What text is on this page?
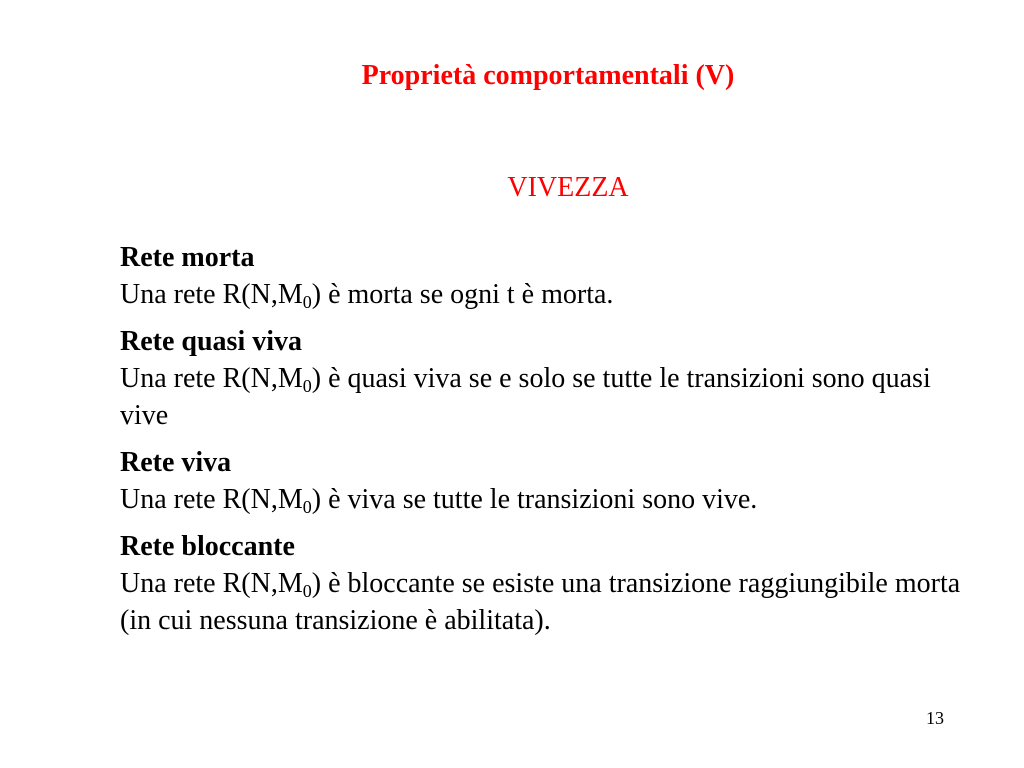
Proprietà comportamentali (V)
VIVEZZA
Rete morta
Una rete $R(N,M_0)$ è morta se ogni t è morta.
Rete quasi viva
Una rete $R(N,M_0)$ è quasi viva se e solo se tutte le transizioni sono quasi vive
Rete viva
Una rete $R(N,M_0)$ è viva se tutte le transizioni sono vive.
Rete bloccante
Una rete $R(N,M_0)$ è bloccante se esiste una transizione raggiungibile morta (in cui nessuna transizione è abilitata).
13
